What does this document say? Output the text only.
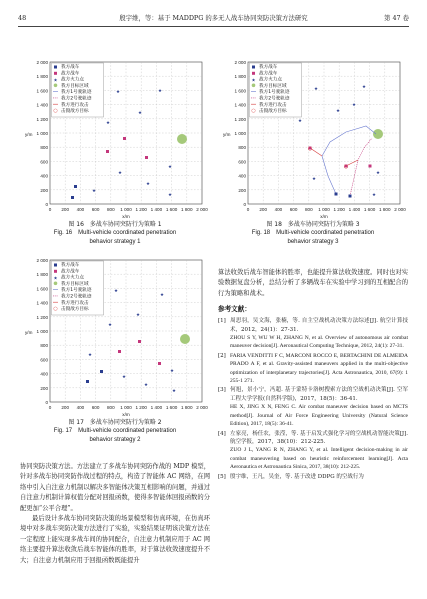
48	殷宇维，等：基于 MADDPG 的多无人战车协同突防决策方法研究	第 47 卷
2 000
1 800
1 600
1 400
1 200
1 000
800
600
400
200
0
0 200 400 600 800 1 000 1 200 1 400 1 600 1 800 2 000
y/m
x/m
★
○
我方战车
敌方战车
敌方火力点
我方目标区域
我方1号驶轨迹
我方2号驶轨迹
我方进行攻击
击毁敌方目标
★	★
★
★
★
★
★
★
★
图 16　多战车协同突防行为策略 1
Fig. 16　Multi-vehicle coordinated penetration
behavior strategy 1
2 000
1 800
1 600
1 400
1 200
1 000
800
600
400
200
0
0 200 400 600 800 1 000 1 200 1 400 1 600 1 800 2 000
y/m
x/m
★
○
我方战车
敌方战车
敌方火力点
我方目标区域
我方1号驶轨迹
我方2号驶轨迹
我方进行攻击
击毁敌方目标
★
★
★
★
★
★
★
★
★
图 17　多战车协同突防行为策略 2
Fig. 17　Multi-vehicle coordinated penetration
behavior strategy 2
2 000
1 800
1 600
1 400
1 200
1 000
800
600
400
200
0
0 200 400 600 800 1 000 1 200 1 400 1 600 1 800 2 000
y/m
x/m
★
○
我方战车
敌方战车
敌方火力点
我方目标区域
我方1号驶轨迹
我方2号驶轨迹
我方进行攻击
击毁敌方目标
○
○
★	★
★
★
★
★
★
★
图 18　多战车协同突防行为策略 3
Fig. 18　Multi-vehicle coordinated penetration
behavior strategy 3

协同突防决策方法。方法建立了多战车协同突防作战的 MDP 模型，针对多战车协同突防作战过程的特点，构造了智能体 AC 网络，在网络中引入自注意力机制以解决多智能体决策互相影响的问题，并通过自注意力机制计算权值分配对回报函数，使得多智能体回报函数的分配更加“公平合理”。

最后设计多战车协同突防决策的场景模型和仿真环境，在仿真环境中对多战车突防决策方法进行了实验，实验结果证明该决策方法在一定程度上能实现多战车间的协同配合，自注意力机制应用于 AC 网络主要提升算法收敛后战车智能体的胜率，对于算法收敛速度提升不大；自注意力机制应用于回报函数既能提升

算法收敛后战车智能体的胜率，也能提升算法收敛速度。同时也对实验数据复盘分析，总结分析了多辆战车在实验中学习到的互相配合的行为策略和战术。

参考文献：
[1] 周思羽，吴文海，张楠，等. 自主空战机动决策方法综述[J]. 航空计算技术，2012，24(1)：27-31.
ZHOU S Y, WU W H, ZHANG N, et al. Overview of autonomous air combat maneuver decision[J]. Aeronautical Computing Technique, 2012, 24(1): 27-31.
[2] FARIA VENDITTI F C, MARCONI ROCCO E, BERTACHINI DE ALMEIDA PRADO A F, et al. Gravity-assisted maneuvers applied in the multi-objective optimization of interplanetary trajectories[J]. Acta Astronautica, 2010, 67(9): 1 255-1 271.
[3] 何旭，景小宁，冯超. 基于蒙特卡洛树搜索方法的空战机动决策[J]. 空军工程大学学报(自然科学版)，2017，18(5)：36-41.
HE X, JING X N, FENG C. Air combat maneuver decision based on MCTS method[J]. Journal of Air Force Engineering University (Natural Science Edition), 2017, 18(5): 36-41.
[4] 左家亮，杨任农，张滢，等. 基于启发式强化学习的空战机动智能决策[J]. 航空学报，2017，38(10)：212-225.
ZUO J L, YANG R N, ZHANG Y, et al. Intelligent decision-making in air combat maneuvering based on heuristic reinforcement learning[J]. Acta Aeronautica et Astronautica Sinica, 2017, 38(10): 212-225.
[5] 殷宇维，王凡，吴奎，等. 基于改进 DDPG 的空战行为
